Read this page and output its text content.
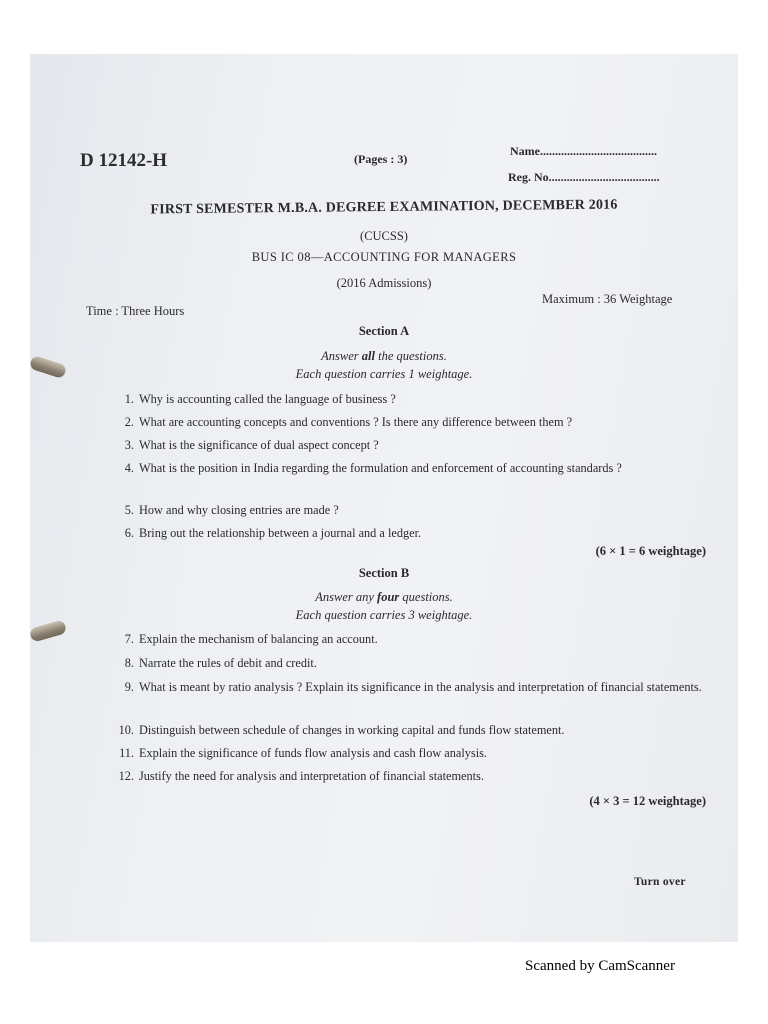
D 12142-H	(Pages : 3)
Name.......................................
Reg. No.....................................
FIRST SEMESTER M.B.A. DEGREE EXAMINATION, DECEMBER 2016
(CUCSS)
BUS IC 08—ACCOUNTING FOR MANAGERS
(2016 Admissions)
Time : Three Hours
Maximum : 36 Weightage
Section A
Answer all the questions.
Each question carries 1 weightage.
1. Why is accounting called the language of business ?
2. What are accounting concepts and conventions ? Is there any difference between them ?
3. What is the significance of dual aspect concept ?
4. What is the position in India regarding the formulation and enforcement of accounting standards ?
5. How and why closing entries are made ?
6. Bring out the relationship between a journal and a ledger.
(6 × 1 = 6 weightage)
Section B
Answer any four questions.
Each question carries 3 weightage.
7. Explain the mechanism of balancing an account.
8. Narrate the rules of debit and credit.
9. What is meant by ratio analysis ? Explain its significance in the analysis and interpretation of financial statements.
10. Distinguish between schedule of changes in working capital and funds flow statement.
11. Explain the significance of funds flow analysis and cash flow analysis.
12. Justify the need for analysis and interpretation of financial statements.
(4 × 3 = 12 weightage)
Turn over
Scanned by CamScanner
